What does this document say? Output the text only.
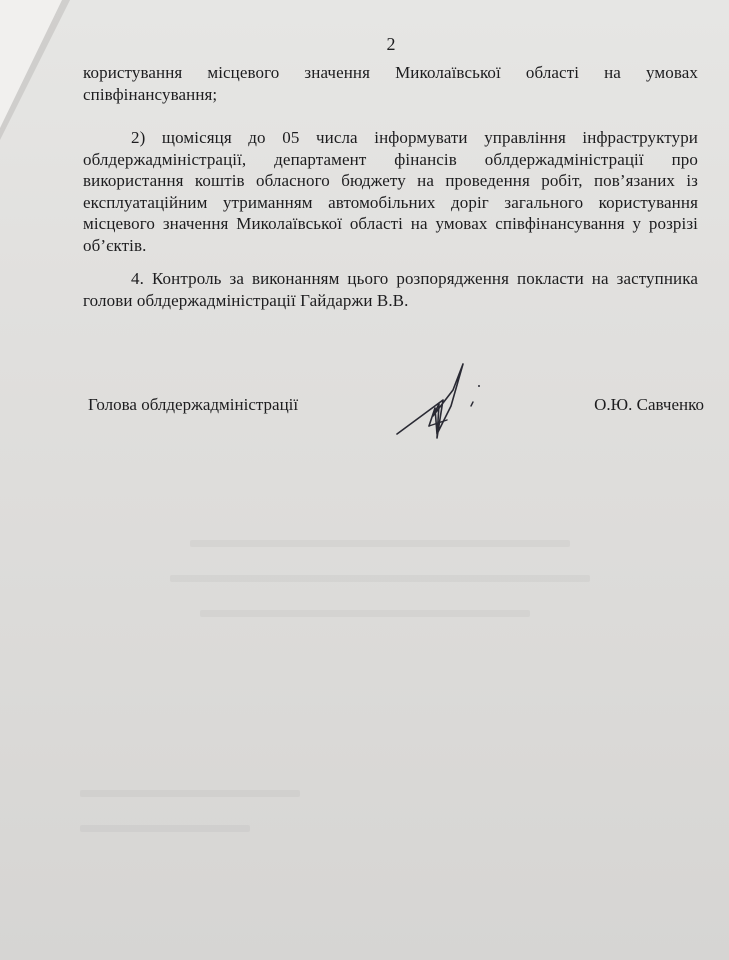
2
користування місцевого значення Миколаївської області на умовах співфінансування;
2) щомісяця до 05 числа інформувати управління інфраструктури облдержадміністрації, департамент фінансів облдержадміністрації про використання коштів обласного бюджету на проведення робіт, пов’язаних із експлуатаційним утриманням автомобільних доріг загального користування місцевого значення Миколаївської області на умовах співфінансування у розрізі об’єктів.
4. Контроль за виконанням цього розпорядження покласти на заступника голови облдержадміністрації Гайдаржи В.В.
Голова облдержадміністрації	О.Ю. Савченко
